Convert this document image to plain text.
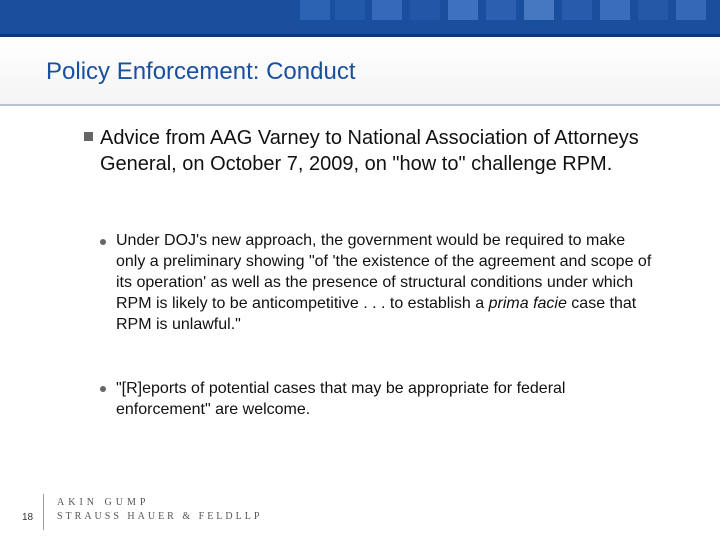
Policy Enforcement: Conduct

Advice from AAG Varney to National Association of Attorneys General, on October 7, 2009, on "how to" challenge RPM.

Under DOJ's new approach, the government would be required to make only a preliminary showing "of 'the existence of the agreement and scope of its operation' as well as the presence of structural conditions under which RPM is likely to be anticompetitive . . . to establish a prima facie case that RPM is unlawful."

"[R]eports of potential cases that may be appropriate for federal enforcement" are welcome.

18
AKIN GUMP
STRAUSS HAUER & FELDLLP
